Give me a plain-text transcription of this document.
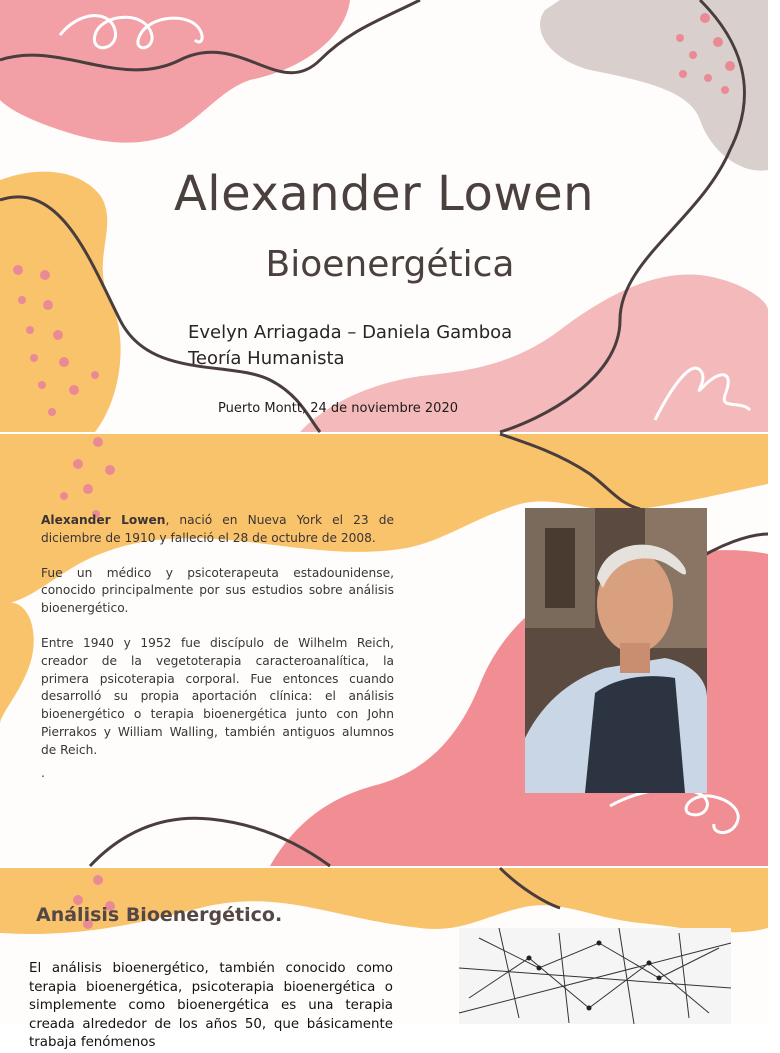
Alexander Lowen
Bioenergética
Evelyn Arriagada – Daniela Gamboa
Teoría Humanista
Puerto Montt, 24 de noviembre 2020

Alexander Lowen, nació en Nueva York el 23 de diciembre de 1910 y falleció el 28 de octubre de 2008.

Fue un médico y psicoterapeuta estadounidense, conocido principalmente por sus estudios sobre análisis bioenergético.

Entre 1940 y 1952 fue discípulo de Wilhelm Reich, creador de la vegetoterapia caracteroanalítica, la primera psicoterapia corporal. Fue entonces cuando desarrolló su propia aportación clínica: el análisis bioenergético o terapia bioenergética junto con John Pierrakos y William Walling, también antiguos alumnos de Reich.

.

Análisis Bioenergético.
El análisis bioenergético, también conocido como terapia bioenergética, psicoterapia bioenergética o simplemente como bioenergética es una terapia creada alrededor de los años 50, que básicamente trabaja fenómenos
